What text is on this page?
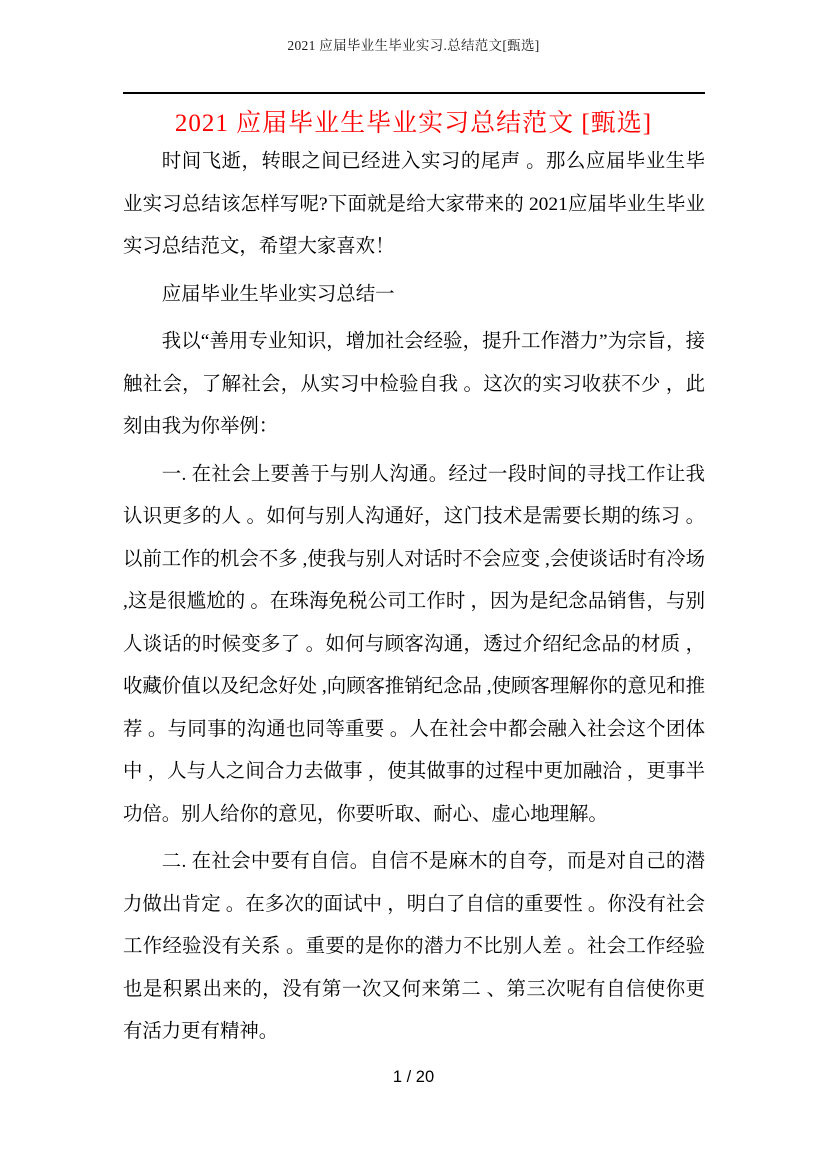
2021 应届毕业生毕业实习.总结范文[甄选]
2021 应届毕业生毕业实习总结范文 [甄选]

时间飞逝，转眼之间已经进入实习的尾声 。那么应届毕业生毕业实习总结该怎样写呢?下面就是给大家带来的 2021应届毕业生毕业实习总结范文，希望大家喜欢！

应届毕业生毕业实习总结一

我以“善用专业知识，增加社会经验，提升工作潜力”为宗旨，接触社会，了解社会，从实习中检验自我 。这次的实习收获不少 ，此刻由我为你举例：

一. 在社会上要善于与别人沟通。经过一段时间的寻找工作让我认识更多的人 。如何与别人沟通好，这门技术是需要长期的练习 。以前工作的机会不多 ,使我与别人对话时不会应变 ,会使谈话时有冷场 ,这是很尴尬的 。在珠海免税公司工作时 ，因为是纪念品销售，与别人谈话的时候变多了 。如何与顾客沟通，透过介绍纪念品的材质 ，收藏价值以及纪念好处 ,向顾客推销纪念品 ,使顾客理解你的意见和推荐 。与同事的沟通也同等重要 。人在社会中都会融入社会这个团体中 ，人与人之间合力去做事 ，使其做事的过程中更加融洽 ，更事半功倍。别人给你的意见，你要听取、耐心、虚心地理解。

二. 在社会中要有自信。自信不是麻木的自夸，而是对自己的潜力做出肯定 。在多次的面试中 ，明白了自信的重要性 。你没有社会工作经验没有关系 。重要的是你的潜力不比别人差 。社会工作经验也是积累出来的，没有第一次又何来第二 、第三次呢有自信使你更有活力更有精神。

1 / 20
